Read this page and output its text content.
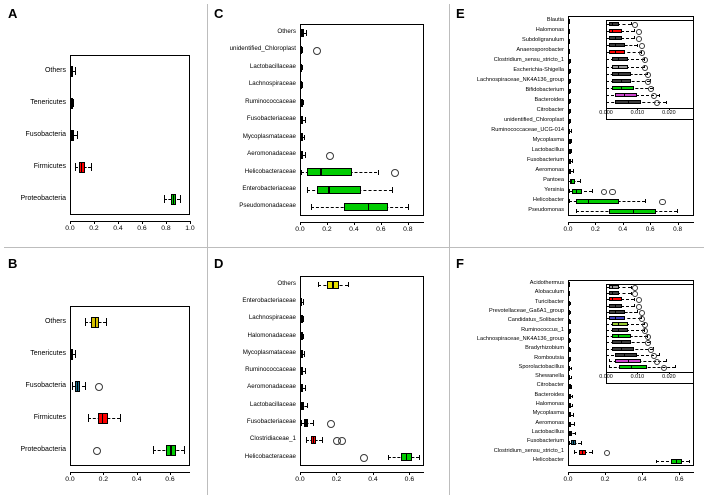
A
Proteobacteria
Firmicutes
Fusobacteria
Tenericutes
Others
0.0	0.2	0.4	0.6	0.8	1.0
B
Proteobacteria
Firmicutes
Fusobacteria
Tenericutes
Others
0.0	0.2	0.4	0.6
C
Pseudomonadaceae
Enterobacteriaceae
Helicobacteraceae
Aeromonadaceae
Mycoplasmataceae
Fusobacteriaceae
Ruminococcaceae
Lachnospiraceae
Lactobacillaceae
unidentified_Chloroplast
Others
0.0	0.2	0.4	0.6	0.8
D
Helicobacteraceae
Clostridiaceae_1
Fusobacteriaceae
Lactobacillaceae
Aeromonadaceae
Ruminococcaceae
Mycoplasmataceae
Halomonadaceae
Lachnospiraceae
Enterobacteriaceae
Others
0.0	0.2	0.4	0.6
E
Pseudomonas
Helicobacter
Yersinia
Pantoea
Aeromonas
Fusobacterium
Lactobacillus
Mycoplasma
Ruminococcaceae_UCG-014
unidentified_Chloroplast
Citrobacter
Bacteroides
Bifidobacterium
Lachnospiraceae_NK4A136_group
Escherichia-Shigella
Clostridium_sensu_stricto_1
Anaerosporobacter
Subdoligranulum
Halomonas
Blautia
0.0	0.2	0.4	0.6	0.8
0.000	0.010	0.020
F
Helicobacter
Clostridium_sensu_stricto_1
Fusobacterium
Lactobacillus
Aeromonas
Mycoplasma
Halomonas
Bacteroides
Citrobacter
Shewanella
Sporolactobacillus
Romboutsia
Bradyrhizobium
Lachnospiraceae_NK4A136_group
Ruminococcus_1
Candidatus_Solibacter
Prevotellaceae_Ga6A1_group
Turicibacter
Alobaculum
Acidothermus
0.0	0.2	0.4	0.6
0.000	0.010	0.020
